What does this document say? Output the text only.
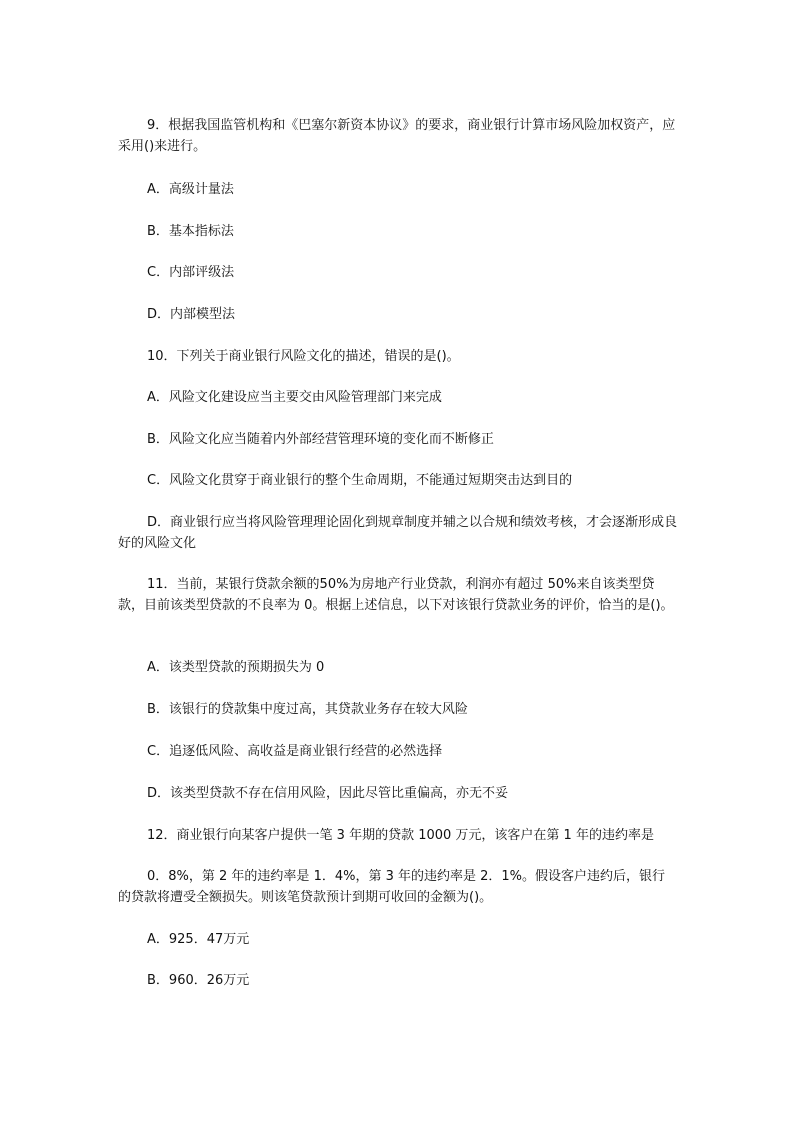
9．根据我国监管机构和《巴塞尔新资本协议》的要求，商业银行计算市场风险加权资产，应采用()来进行。
A．高级计量法
B．基本指标法
C．内部评级法
D．内部模型法
10．下列关于商业银行风险文化的描述，错误的是()。
A．风险文化建设应当主要交由风险管理部门来完成
B．风险文化应当随着内外部经营管理环境的变化而不断修正
C．风险文化贯穿于商业银行的整个生命周期，不能通过短期突击达到目的
D．商业银行应当将风险管理理论固化到规章制度并辅之以合规和绩效考核，才会逐渐形成良好的风险文化
11．当前，某银行贷款余额的50%为房地产行业贷款，利润亦有超过 50%来自该类型贷款，目前该类型贷款的不良率为 0。根据上述信息，以下对该银行贷款业务的评价，恰当的是()。
A．该类型贷款的预期损失为 0
B．该银行的贷款集中度过高，其贷款业务存在较大风险
C．追逐低风险、高收益是商业银行经营的必然选择
D．该类型贷款不存在信用风险，因此尽管比重偏高，亦无不妥
12．商业银行向某客户提供一笔 3 年期的贷款 1000 万元，该客户在第 1 年的违约率是
0．8%，第 2 年的违约率是 1．4%，第 3 年的违约率是 2．1%。假设客户违约后，银行的贷款将遭受全额损失。则该笔贷款预计到期可收回的金额为()。
A．925．47万元
B．960．26万元
